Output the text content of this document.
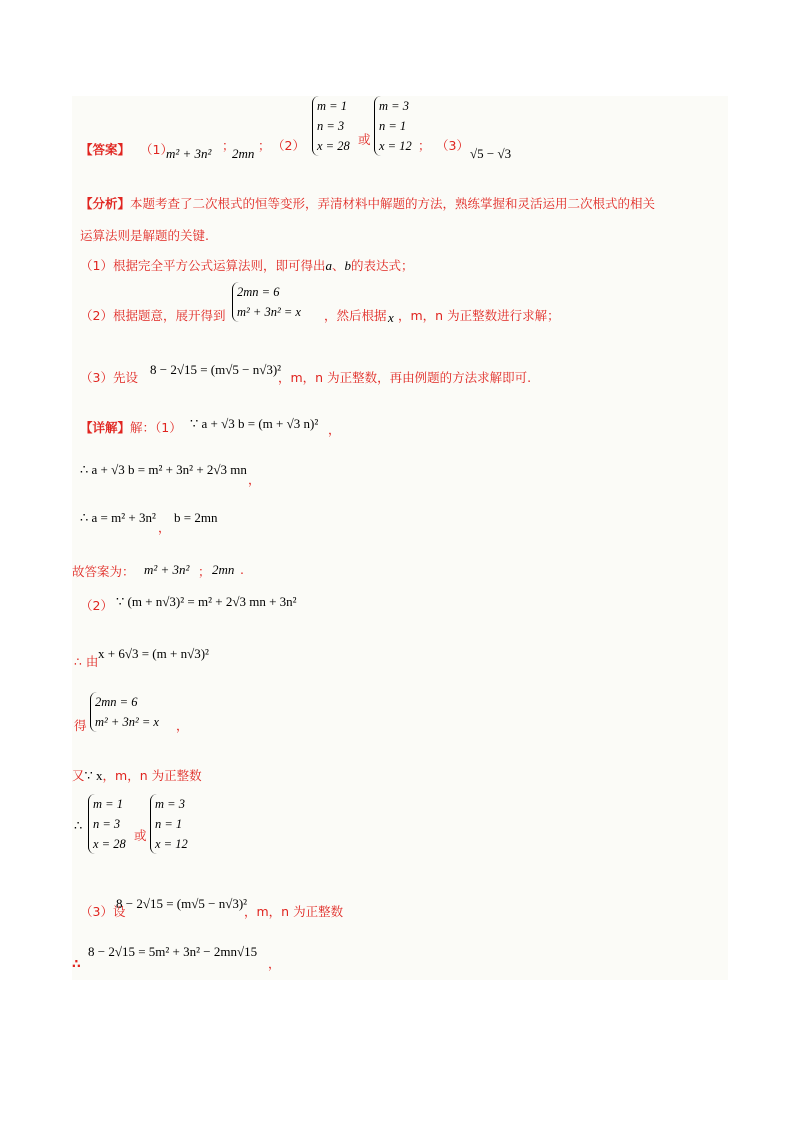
【答案】 （1）
m² + 3n²
；
2mn
； （2）
m = 1
n = 3
x = 28 或
m = 3
n = 1
x = 12 ； （3）
√5 − √3
【分析】本题考查了二次根式的恒等变形，弄清材料中解题的方法，熟练掌握和灵活运用二次根式的相关
运算法则是解题的关键.
（1）根据完全平方公式运算法则，即可得出a、b的表达式；
（2）根据题意，展开得到
2mn = 6
m² + 3n² = x ，然后根据 x ，m，n 为正整数进行求解；
（3）先设
8 − 2√15 = (m√5 − n√3)²
，m，n 为正整数，再由例题的方法求解即可.
【详解】解：（1） ∵ a + √3 b = (m + √3 n)² ，
∴ a + √3 b = m² + 3n² + 2√3 mn
，
∴ a = m² + 3n²
，
b = 2mn
故答案为： m² + 3n² ； 2mn .
（2） ∵ (m + n√3)² = m² + 2√3 mn + 3n²
∴ 由
x + 6√3 = (m + n√3)²
得
2mn = 6
m² + 3n² = x ，
又∵ x，m，n 为正整数
∴
m = 1
n = 3
x = 28
或
m = 3
n = 1
x = 12
（3）设
8 − 2√15 = (m√5 − n√3)²
，m，n 为正整数
∴
8 − 2√15 = 5m² + 3n² − 2mn√15
，
